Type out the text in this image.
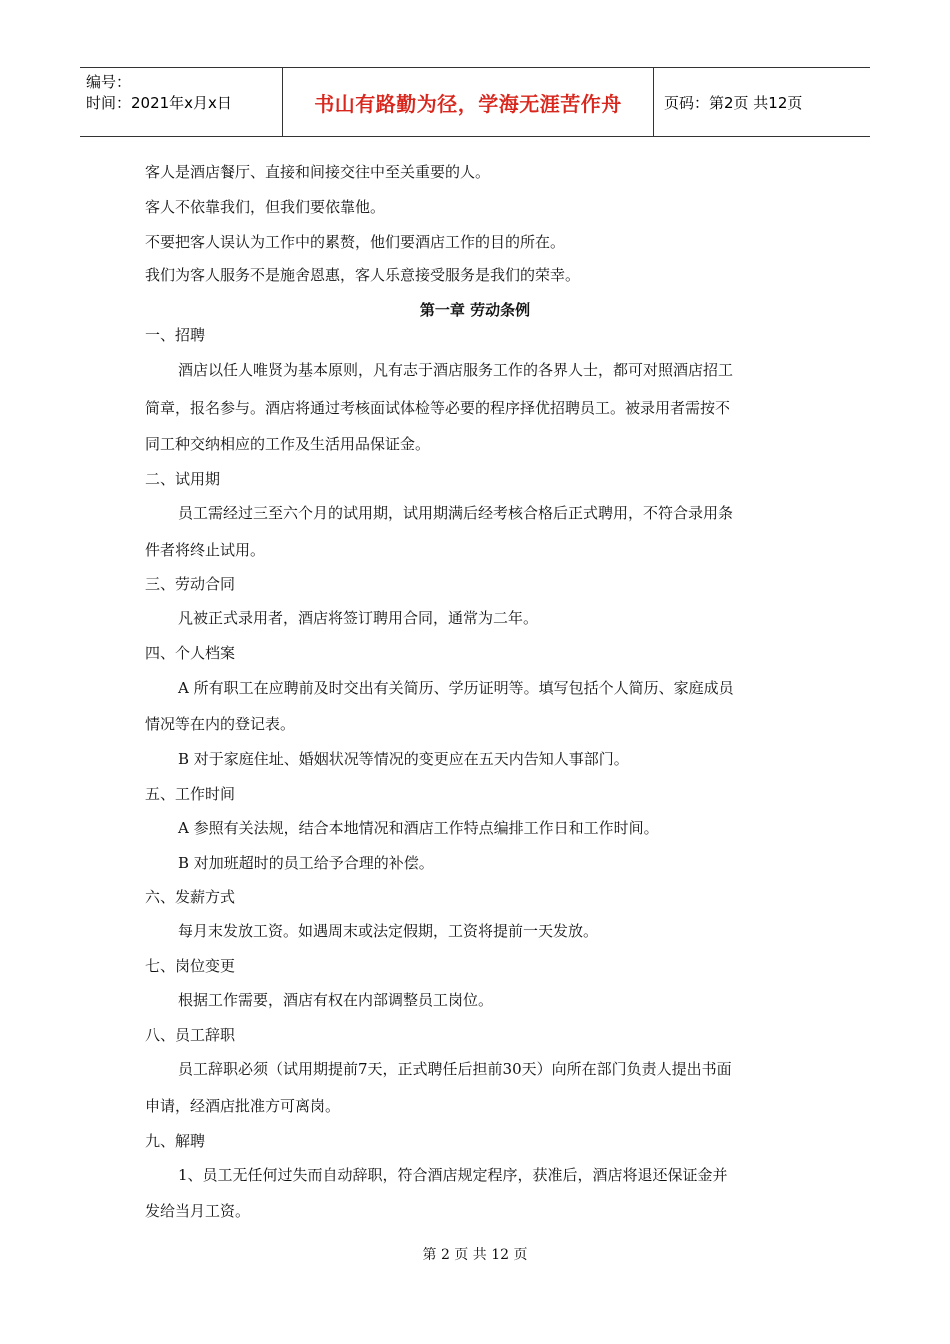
编号：
时间：2021年x月x日	书山有路勤为径，学海无涯苦作舟	页码：第2页 共12页
客人是酒店餐厅、直接和间接交往中至关重要的人。
客人不依靠我们，但我们要依靠他。
不要把客人误认为工作中的累赘，他们要酒店工作的目的所在。
我们为客人服务不是施舍恩惠，客人乐意接受服务是我们的荣幸。
第一章 劳动条例
一、招聘
酒店以任人唯贤为基本原则，凡有志于酒店服务工作的各界人士，都可对照酒店招工
简章，报名参与。酒店将通过考核面试体检等必要的程序择优招聘员工。被录用者需按不
同工种交纳相应的工作及生活用品保证金。
二、试用期
员工需经过三至六个月的试用期，试用期满后经考核合格后正式聘用，不符合录用条
件者将终止试用。
三、劳动合同
凡被正式录用者，酒店将签订聘用合同，通常为二年。
四、个人档案
A 所有职工在应聘前及时交出有关简历、学历证明等。填写包括个人简历、家庭成员
情况等在内的登记表。
B 对于家庭住址、婚姻状况等情况的变更应在五天内告知人事部门。
五、工作时间
A 参照有关法规，结合本地情况和酒店工作特点编排工作日和工作时间。
B 对加班超时的员工给予合理的补偿。
六、发薪方式
每月末发放工资。如遇周末或法定假期，工资将提前一天发放。
七、岗位变更
根据工作需要，酒店有权在内部调整员工岗位。
八、员工辞职
员工辞职必须（试用期提前7天，正式聘任后担前30天）向所在部门负责人提出书面
申请，经酒店批准方可离岗。
九、解聘
1、员工无任何过失而自动辞职，符合酒店规定程序，获准后，酒店将退还保证金并
发给当月工资。
第 2 页 共 12 页
